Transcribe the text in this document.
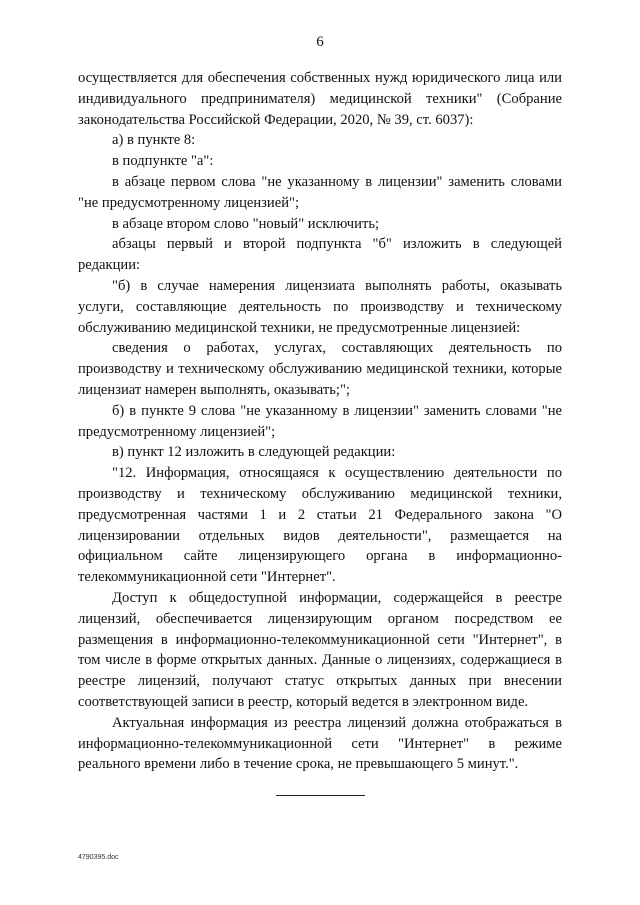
6

осуществляется для обеспечения собственных нужд юридического лица или индивидуального предпринимателя) медицинской техники" (Собрание законодательства Российской Федерации, 2020, № 39, ст. 6037):

а) в пункте 8:

в подпункте "а":

в абзаце первом слова "не указанному в лицензии" заменить словами "не предусмотренному лицензией";

в абзаце втором слово "новый" исключить;

абзацы первый и второй подпункта "б" изложить в следующей редакции:

"б) в случае намерения лицензиата выполнять работы, оказывать услуги, составляющие деятельность по производству и техническому обслуживанию медицинской техники, не предусмотренные лицензией:

сведения о работах, услугах, составляющих деятельность по производству и техническому обслуживанию медицинской техники, которые лицензиат намерен выполнять, оказывать;";

б) в пункте 9 слова "не указанному в лицензии" заменить словами "не предусмотренному лицензией";

в) пункт 12 изложить в следующей редакции:

"12. Информация, относящаяся к осуществлению деятельности по производству и техническому обслуживанию медицинской техники, предусмотренная частями 1 и 2 статьи 21 Федерального закона "О лицензировании отдельных видов деятельности", размещается на официальном сайте лицензирующего органа в информационно-телекоммуникационной сети "Интернет".

Доступ к общедоступной информации, содержащейся в реестре лицензий, обеспечивается лицензирующим органом посредством ее размещения в информационно-телекоммуникационной сети "Интернет", в том числе в форме открытых данных. Данные о лицензиях, содержащиеся в реестре лицензий, получают статус открытых данных при внесении соответствующей записи в реестр, который ведется в электронном виде.

Актуальная информация из реестра лицензий должна отображаться в информационно-телекоммуникационной сети "Интернет" в режиме реального времени либо в течение срока, не превышающего 5 минут.".

4790395.doc
